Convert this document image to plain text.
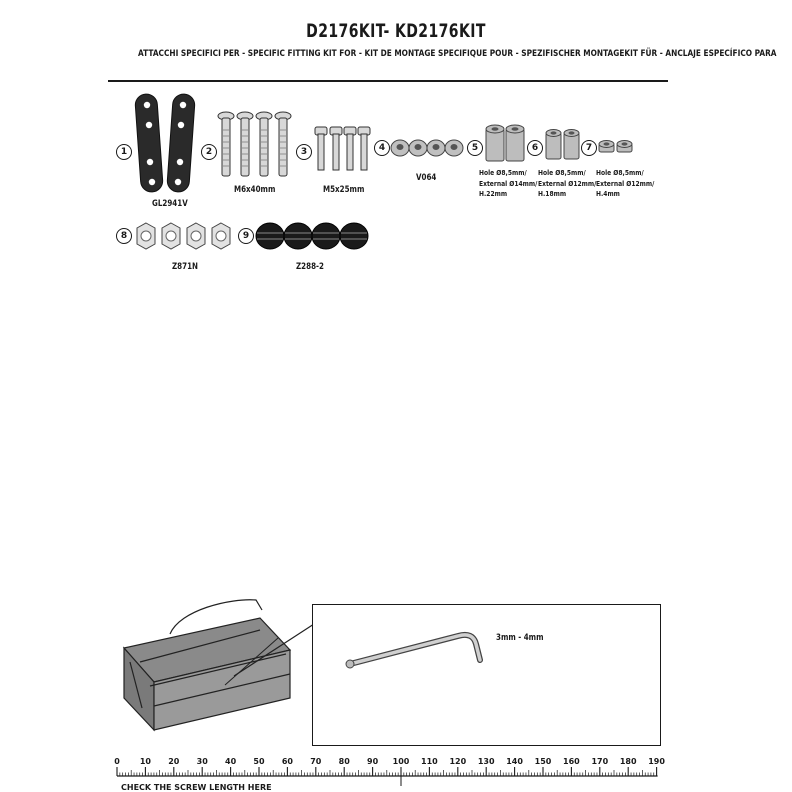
D2176KIT- KD2176KIT
ATTACCHI SPECIFICI PER - SPECIFIC FITTING KIT FOR - KIT DE MONTAGE SPECIFIQUE POUR - SPEZIFISCHER MONTAGEKIT FÜR - ANCLAJE ESPECÍFICO PARA
1	2	3	4	5	6	7
8	9
GL2941V
M6x40mm	M5x25mm
V064	Hole Ø8,5mm/
External Ø14mm/
H.22mm
Hole Ø8,5mm/
External Ø12mm/
H.18mm
Hole Ø8,5mm/
External Ø12mm/
H.4mm
Z871N	Z288-2
3mm - 4mm
0	10 20 30 40 50 60 70 80 90 100 110 120 130 140 150 160 170 180 190
CHECK THE SCREW LENGTH HERE
